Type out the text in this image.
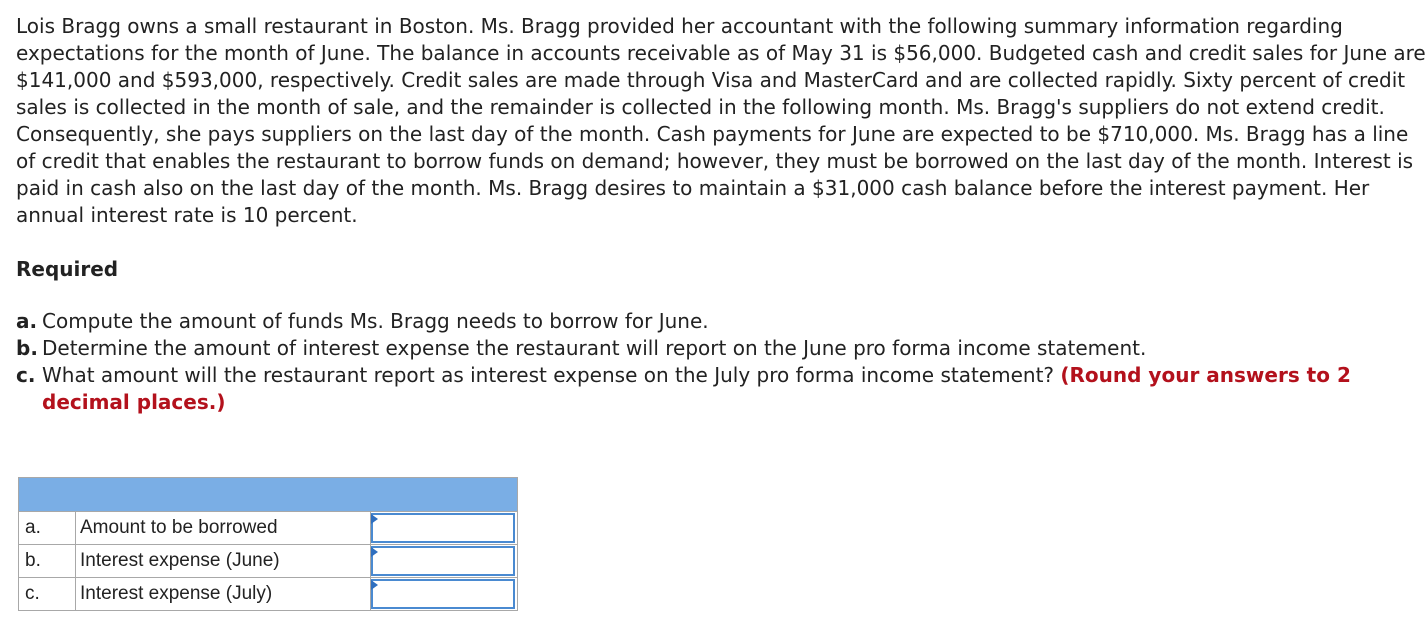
Lois Bragg owns a small restaurant in Boston. Ms. Bragg provided her accountant with the following summary information regarding expectations for the month of June. The balance in accounts receivable as of May 31 is $56,000. Budgeted cash and credit sales for June are $141,000 and $593,000, respectively. Credit sales are made through Visa and MasterCard and are collected rapidly. Sixty percent of credit sales is collected in the month of sale, and the remainder is collected in the following month. Ms. Bragg's suppliers do not extend credit. Consequently, she pays suppliers on the last day of the month. Cash payments for June are expected to be $710,000. Ms. Bragg has a line of credit that enables the restaurant to borrow funds on demand; however, they must be borrowed on the last day of the month. Interest is paid in cash also on the last day of the month. Ms. Bragg desires to maintain a $31,000 cash balance before the interest payment. Her annual interest rate is 10 percent.

Required

a. Compute the amount of funds Ms. Bragg needs to borrow for June.
b. Determine the amount of interest expense the restaurant will report on the June pro forma income statement.
c. What amount will the restaurant report as interest expense on the July pro forma income statement? (Round your answers to 2 decimal places.)

a.	Amount to be borrowed	

b.	Interest expense (June)	

c.	Interest expense (July)	
